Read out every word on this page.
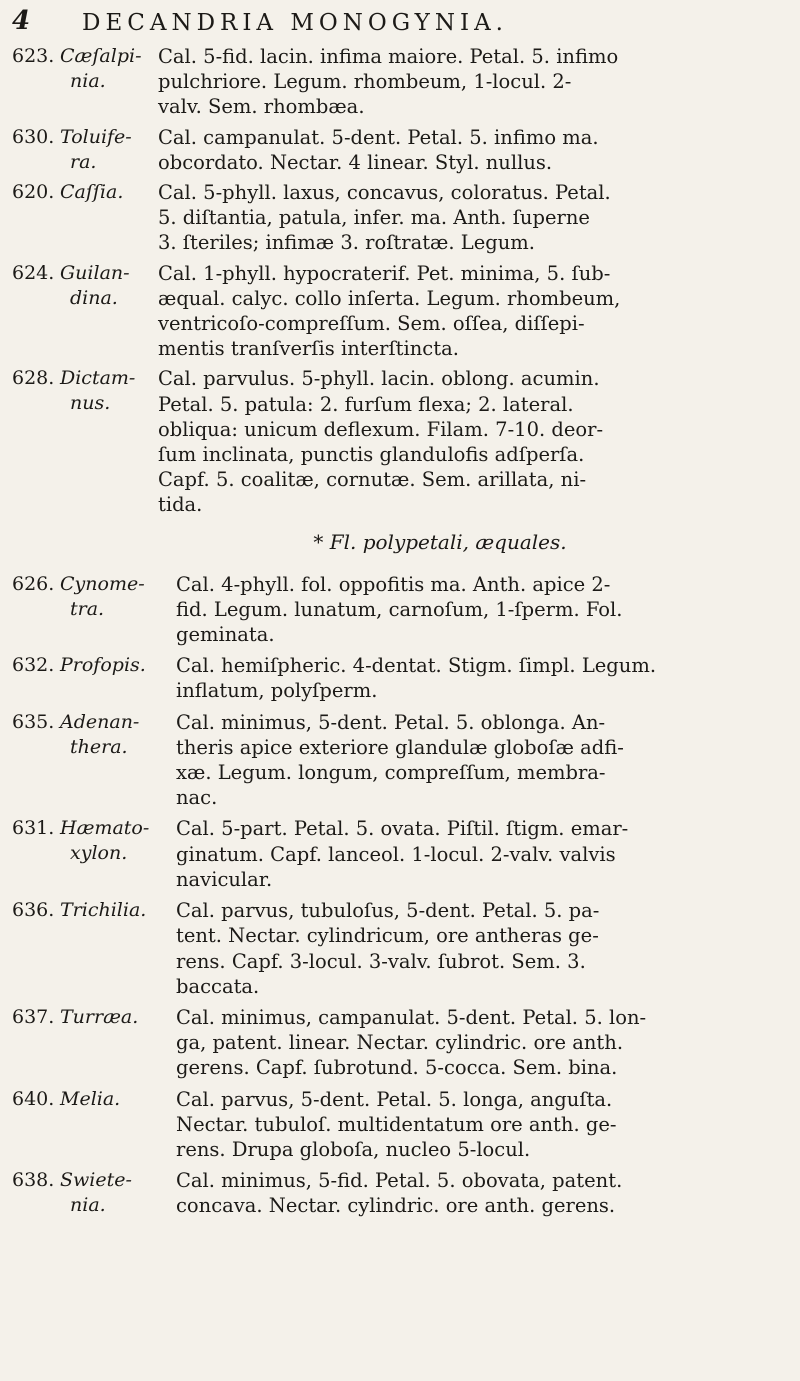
4 DECANDRIA MONOGYNIA.
623. Cæſalpi-
nia.
Cal. 5-fid. lacin. infima maiore. Petal. 5. infimo
pulchriore. Legum. rhombeum, 1-locul. 2-
valv. Sem. rhombæa.
630. Toluife-
ra.
Cal. campanulat. 5-dent. Petal. 5. infimo ma.
obcordato. Nectar. 4 linear. Styl. nullus.
620. Caſſia.	Cal. 5-phyll. laxus, concavus, coloratus. Petal.
5. diſtantia, patula, infer. ma. Anth. ſuperne
3. ſteriles; infimæ 3. roſtratæ. Legum.
624. Guilan-
dina.
Cal. 1-phyll. hypocraterif. Pet. minima, 5. ſub-
æqual. calyc. collo inſerta. Legum. rhombeum,
ventricoſo-compreſſum. Sem. oſſea, diſſepi-
mentis tranſverſis interſtincta.
628. Dictam-
nus.
Cal. parvulus. 5-phyll. lacin. oblong. acumin.
Petal. 5. patula: 2. furſum flexa; 2. lateral.
obliqua: unicum deflexum. Filam. 7-10. deor-
ſum inclinata, punctis glandulofis adſperſa.
Capf. 5. coalitæ, cornutæ. Sem. arillata, ni-
tida.
* Fl. polypetali, æquales.
626. Cynome-
tra.
Cal. 4-phyll. fol. oppofitis ma. Anth. apice 2-
fid. Legum. lunatum, carnoſum, 1-ſperm. Fol.
geminata.
632. Profopis. Cal. hemiſpheric. 4-dentat. Stigm. ſimpl. Legum.
inflatum, polyſperm.
635. Adenan-
thera.
Cal. minimus, 5-dent. Petal. 5. oblonga. An-
theris apice exteriore glandulæ globoſæ adfi-
xæ. Legum. longum, compreſſum, membra-
nac.
631. Hæmato-
xylon.
Cal. 5-part. Petal. 5. ovata. Piſtil. ſtigm. emar-
ginatum. Capf. lanceol. 1-locul. 2-valv. valvis
navicular.
636. Trichilia. Cal. parvus, tubuloſus, 5-dent. Petal. 5. pa-
tent. Nectar. cylindricum, ore antheras ge-
rens. Capf. 3-locul. 3-valv. ſubrot. Sem. 3.
baccata.
637. Turræa. Cal. minimus, campanulat. 5-dent. Petal. 5. lon-
ga, patent. linear. Nectar. cylindric. ore anth.
gerens. Capf. ſubrotund. 5-cocca. Sem. bina.
640. Melia.	Cal. parvus, 5-dent. Petal. 5. longa, anguſta.
Nectar. tubuloſ. multidentatum ore anth. ge-
rens. Drupa globoſa, nucleo 5-locul.
638. Swiete-
nia.
Cal. minimus, 5-fid. Petal. 5. obovata, patent.
concava. Nectar. cylindric. ore anth. gerens.
